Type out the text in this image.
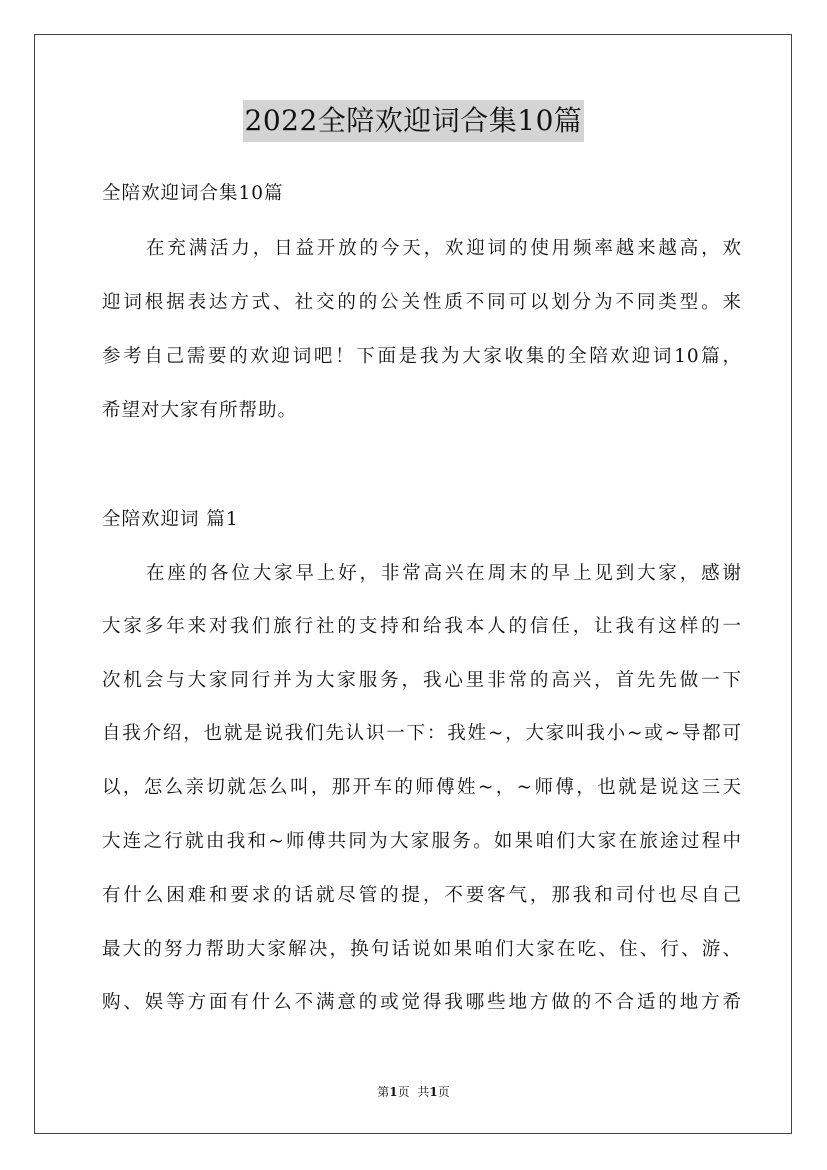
2022全陪欢迎词合集10篇
全陪欢迎词合集10篇
在充满活力，日益开放的今天，欢迎词的使用频率越来越高，欢
迎词根据表达方式、社交的的公关性质不同可以划分为不同类型。来
参考自己需要的欢迎词吧！下面是我为大家收集的全陪欢迎词10篇，
希望对大家有所帮助。
全陪欢迎词 篇1
在座的各位大家早上好，非常高兴在周末的早上见到大家，感谢
大家多年来对我们旅行社的支持和给我本人的信任，让我有这样的一
次机会与大家同行并为大家服务，我心里非常的高兴，首先先做一下
自我介绍，也就是说我们先认识一下：我姓~，大家叫我小~或~导都可
以，怎么亲切就怎么叫，那开车的师傅姓~，~师傅，也就是说这三天
大连之行就由我和~师傅共同为大家服务。如果咱们大家在旅途过程中
有什么困难和要求的话就尽管的提，不要客气，那我和司付也尽自己
最大的努力帮助大家解决，换句话说如果咱们大家在吃、住、行、游、
购、娱等方面有什么不满意的或觉得我哪些地方做的不合适的地方希
第1页 共1页
